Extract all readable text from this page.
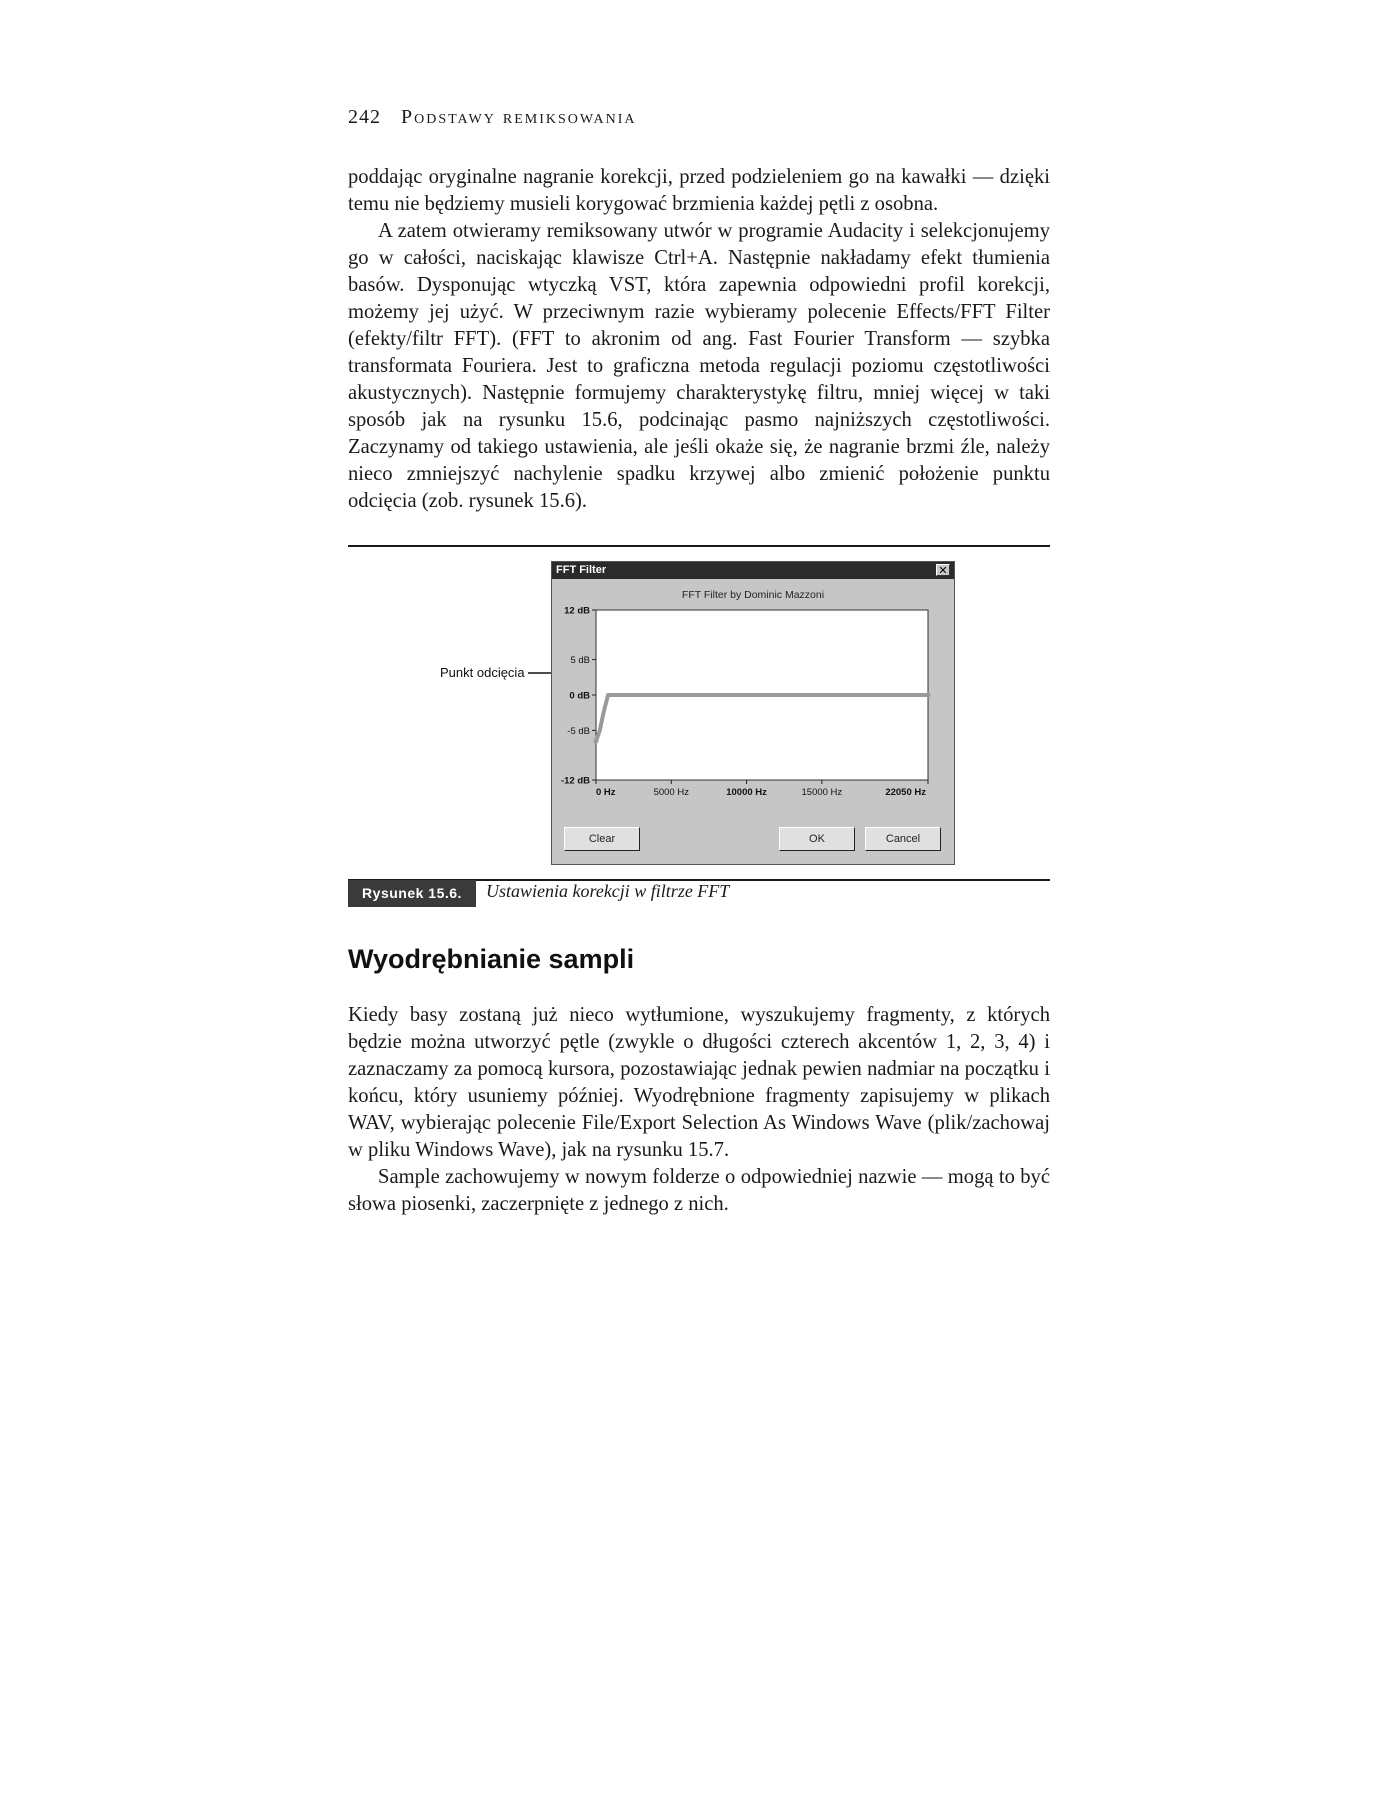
242 Podstawy remiksowania

poddając oryginalne nagranie korekcji, przed podzieleniem go na kawałki — dzięki temu nie będziemy musieli korygować brzmienia każdej pętli z osobna.

A zatem otwieramy remiksowany utwór w programie Audacity i selekcjonujemy go w całości, naciskając klawisze Ctrl+A. Następnie nakładamy efekt tłumienia basów. Dysponując wtyczką VST, która zapewnia odpowiedni profil korekcji, możemy jej użyć. W przeciwnym razie wybieramy polecenie Effects/FFT Filter (efekty/filtr FFT). (FFT to akronim od ang. Fast Fourier Transform — szybka transformata Fouriera. Jest to graficzna metoda regulacji poziomu częstotliwości akustycznych). Następnie formujemy charakterystykę filtru, mniej więcej w taki sposób jak na rysunku 15.6, podcinając pasmo najniższych częstotliwości. Zaczynamy od takiego ustawienia, ale jeśli okaże się, że nagranie brzmi źle, należy nieco zmniejszyć nachylenie spadku krzywej albo zmienić położenie punktu odcięcia (zob. rysunek 15.6).

Punkt odcięcia
FFT Filter	✕
FFT Filter by Dominic Mazzoni
12 dB
5 dB
0 dB
-5 dB
-12 dB
0 Hz	5000 Hz	10000 Hz	15000 Hz	22050 Hz
Clear	OK	Cancel
Rysunek 15.6.	Ustawienia korekcji w filtrze FFT
Wyodrębnianie sampli

Kiedy basy zostaną już nieco wytłumione, wyszukujemy fragmenty, z których będzie można utworzyć pętle (zwykle o długości czterech akcentów 1, 2, 3, 4) i zaznaczamy za pomocą kursora, pozostawiając jednak pewien nadmiar na początku i końcu, który usuniemy później. Wyodrębnione fragmenty zapisujemy w plikach WAV, wybierając polecenie File/Export Selection As Windows Wave (plik/zachowaj w pliku Windows Wave), jak na rysunku 15.7.

Sample zachowujemy w nowym folderze o odpowiedniej nazwie — mogą to być słowa piosenki, zaczerpnięte z jednego z nich.
